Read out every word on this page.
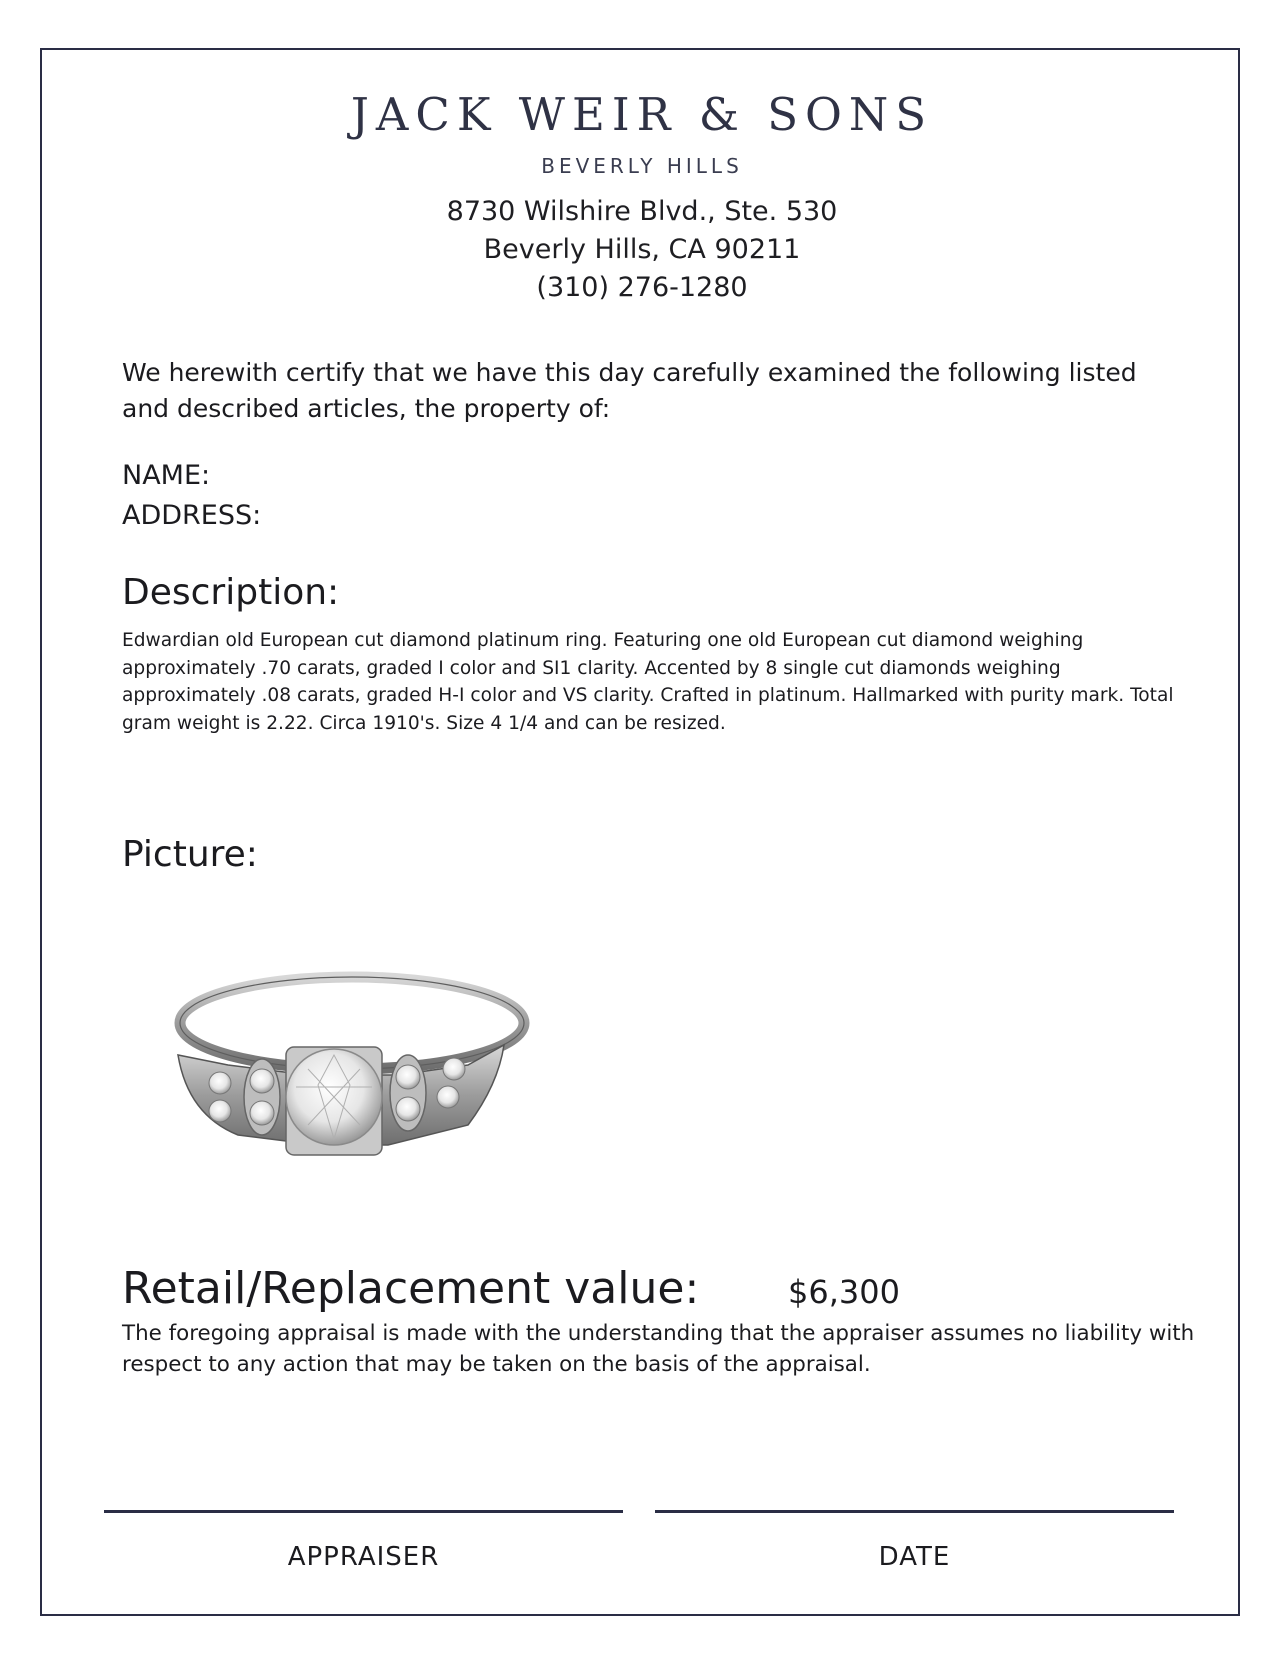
JACK WEIR & SONS
BEVERLY HILLS
8730 Wilshire Blvd., Ste. 530
Beverly Hills, CA 90211
(310) 276-1280
We herewith certify that we have this day carefully examined the following listed and described articles, the property of:
NAME:
ADDRESS:
Description:
Edwardian old European cut diamond platinum ring. Featuring one old European cut diamond weighing approximately .70 carats, graded I color and SI1 clarity. Accented by 8 single cut diamonds weighing approximately .08 carats, graded H-I color and VS clarity. Crafted in platinum. Hallmarked with purity mark. Total gram weight is 2.22. Circa 1910's. Size 4 1/4 and can be resized.
Picture:
Retail/Replacement value:	$6,300
The foregoing appraisal is made with the understanding that the appraiser assumes no liability with respect to any action that may be taken on the basis of the appraisal.
APPRAISER	DATE
